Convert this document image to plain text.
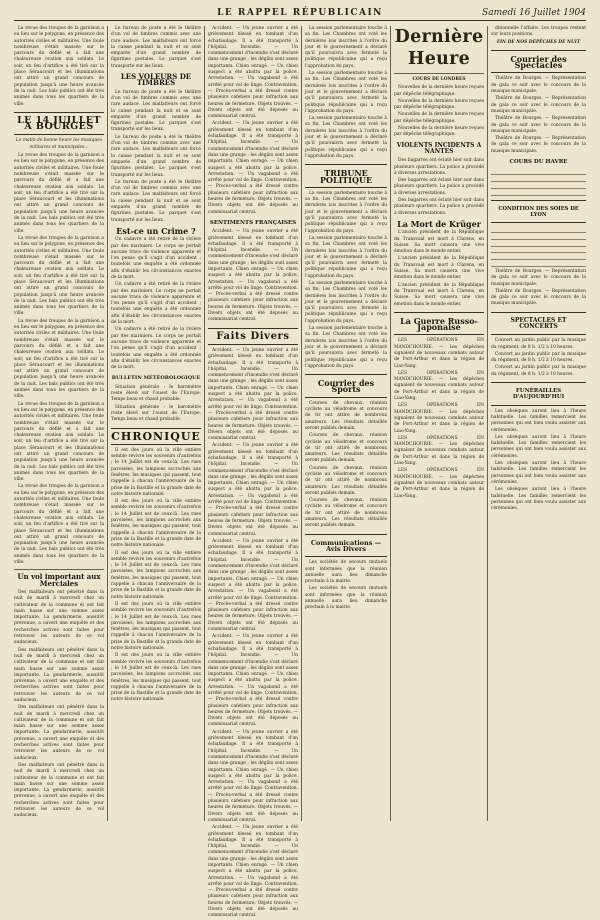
LE RAPPEL RÉPUBLICAIN	Samedi 16 Juillet 1904

La revue des troupes de la garnison a eu lieu sur le polygone, en présence des autorités civiles et militaires. Une foule nombreuse s'était massée sur le parcours du défilé et a fait une chaleureuse ovation aux soldats. Le soir, un feu d'artifice a été tiré sur la place Séraucourt et les illuminations ont attiré un grand concours de population jusqu'à une heure avancée de la nuit. Les bals publics ont été très animés dans tous les quartiers de la ville.

LE 14 JUILLET A BOURGES
Le matin de bonne heure les musiques militaires et municipales...

La revue des troupes de la garnison a eu lieu sur le polygone, en présence des autorités civiles et militaires. Une foule nombreuse s'était massée sur le parcours du défilé et a fait une chaleureuse ovation aux soldats. Le soir, un feu d'artifice a été tiré sur la place Séraucourt et les illuminations ont attiré un grand concours de population jusqu'à une heure avancée de la nuit. Les bals publics ont été très animés dans tous les quartiers de la ville.

La revue des troupes de la garnison a eu lieu sur le polygone, en présence des autorités civiles et militaires. Une foule nombreuse s'était massée sur le parcours du défilé et a fait une chaleureuse ovation aux soldats. Le soir, un feu d'artifice a été tiré sur la place Séraucourt et les illuminations ont attiré un grand concours de population jusqu'à une heure avancée de la nuit. Les bals publics ont été très animés dans tous les quartiers de la ville.

La revue des troupes de la garnison a eu lieu sur le polygone, en présence des autorités civiles et militaires. Une foule nombreuse s'était massée sur le parcours du défilé et a fait une chaleureuse ovation aux soldats. Le soir, un feu d'artifice a été tiré sur la place Séraucourt et les illuminations ont attiré un grand concours de population jusqu'à une heure avancée de la nuit. Les bals publics ont été très animés dans tous les quartiers de la ville.

La revue des troupes de la garnison a eu lieu sur le polygone, en présence des autorités civiles et militaires. Une foule nombreuse s'était massée sur le parcours du défilé et a fait une chaleureuse ovation aux soldats. Le soir, un feu d'artifice a été tiré sur la place Séraucourt et les illuminations ont attiré un grand concours de population jusqu'à une heure avancée de la nuit. Les bals publics ont été très animés dans tous les quartiers de la ville.

La revue des troupes de la garnison a eu lieu sur le polygone, en présence des autorités civiles et militaires. Une foule nombreuse s'était massée sur le parcours du défilé et a fait une chaleureuse ovation aux soldats. Le soir, un feu d'artifice a été tiré sur la place Séraucourt et les illuminations ont attiré un grand concours de population jusqu'à une heure avancée de la nuit. Les bals publics ont été très animés dans tous les quartiers de la ville.

Un vol important aux Merciales

Des malfaiteurs ont pénétré dans la nuit de mardi à mercredi chez un cultivateur de la commune et ont fait main basse sur une somme assez importante. La gendarmerie, aussitôt prévenue, a ouvert une enquête et des recherches actives sont faites pour retrouver les auteurs de ce vol audacieux.

Des malfaiteurs ont pénétré dans la nuit de mardi à mercredi chez un cultivateur de la commune et ont fait main basse sur une somme assez importante. La gendarmerie, aussitôt prévenue, a ouvert une enquête et des recherches actives sont faites pour retrouver les auteurs de ce vol audacieux.

Des malfaiteurs ont pénétré dans la nuit de mardi à mercredi chez un cultivateur de la commune et ont fait main basse sur une somme assez importante. La gendarmerie, aussitôt prévenue, a ouvert une enquête et des recherches actives sont faites pour retrouver les auteurs de ce vol audacieux.

Des malfaiteurs ont pénétré dans la nuit de mardi à mercredi chez un cultivateur de la commune et ont fait main basse sur une somme assez importante. La gendarmerie, aussitôt prévenue, a ouvert une enquête et des recherches actives sont faites pour retrouver les auteurs de ce vol audacieux.

Le bureau de poste a été le théâtre d'un vol de timbres commis avec une rare audace. Les malfaiteurs ont forcé la caisse pendant la nuit et se sont emparés d'un grand nombre de figurines postales. Le parquet s'est transporté sur les lieux.

LES VOLEURS DE TIMBRES

Le bureau de poste a été le théâtre d'un vol de timbres commis avec une rare audace. Les malfaiteurs ont forcé la caisse pendant la nuit et se sont emparés d'un grand nombre de figurines postales. Le parquet s'est transporté sur les lieux.

Le bureau de poste a été le théâtre d'un vol de timbres commis avec une rare audace. Les malfaiteurs ont forcé la caisse pendant la nuit et se sont emparés d'un grand nombre de figurines postales. Le parquet s'est transporté sur les lieux.

Le bureau de poste a été le théâtre d'un vol de timbres commis avec une rare audace. Les malfaiteurs ont forcé la caisse pendant la nuit et se sont emparés d'un grand nombre de figurines postales. Le parquet s'est transporté sur les lieux.

Est-ce un Crime ?

Un cadavre a été retiré de la rivière par des mariniers. Le corps ne portait aucune trace de violence apparente et l'on pense qu'il s'agit d'un accident ; toutefois une enquête a été ordonnée afin d'établir les circonstances exactes de la mort.

Un cadavre a été retiré de la rivière par des mariniers. Le corps ne portait aucune trace de violence apparente et l'on pense qu'il s'agit d'un accident ; toutefois une enquête a été ordonnée afin d'établir les circonstances exactes de la mort.

Un cadavre a été retiré de la rivière par des mariniers. Le corps ne portait aucune trace de violence apparente et l'on pense qu'il s'agit d'un accident ; toutefois une enquête a été ordonnée afin d'établir les circonstances exactes de la mort.

BULLETIN MÉTÉOROLOGIQUE

Situation générale : le baromètre reste élevé sur l'ouest de l'Europe. Temps beau et chaud probable.

Situation générale : le baromètre reste élevé sur l'ouest de l'Europe. Temps beau et chaud probable.

CHRONIQUE

Il est des jours où la ville entière semble revivre les souvenirs d'autrefois ; le 14 Juillet est de ceux-là. Les rues pavoisées, les lampions accrochés aux fenêtres, les musiques qui passent, tout rappelle à chacun l'anniversaire de la prise de la Bastille et la grande date de notre histoire nationale.

Il est des jours où la ville entière semble revivre les souvenirs d'autrefois ; le 14 Juillet est de ceux-là. Les rues pavoisées, les lampions accrochés aux fenêtres, les musiques qui passent, tout rappelle à chacun l'anniversaire de la prise de la Bastille et la grande date de notre histoire nationale.

Il est des jours où la ville entière semble revivre les souvenirs d'autrefois ; le 14 Juillet est de ceux-là. Les rues pavoisées, les lampions accrochés aux fenêtres, les musiques qui passent, tout rappelle à chacun l'anniversaire de la prise de la Bastille et la grande date de notre histoire nationale.

Il est des jours où la ville entière semble revivre les souvenirs d'autrefois ; le 14 Juillet est de ceux-là. Les rues pavoisées, les lampions accrochés aux fenêtres, les musiques qui passent, tout rappelle à chacun l'anniversaire de la prise de la Bastille et la grande date de notre histoire nationale.

Il est des jours où la ville entière semble revivre les souvenirs d'autrefois ; le 14 Juillet est de ceux-là. Les rues pavoisées, les lampions accrochés aux fenêtres, les musiques qui passent, tout rappelle à chacun l'anniversaire de la prise de la Bastille et la grande date de notre histoire nationale.

Accident. — Un jeune ouvrier a été grièvement blessé en tombant d'un échafaudage. Il a été transporté à l'hôpital. Incendie. — Un commencement d'incendie s'est déclaré dans une grange ; les dégâts sont assez importants. Chien enragé. — Un chien suspect a été abattu par la police. Arrestation. — Un vagabond a été arrêté pour vol de linge. Contravention. — Procès-verbal a été dressé contre plusieurs cafetiers pour infraction aux heures de fermeture. Objets trouvés. — Divers objets ont été déposés au commissariat central.

Accident. — Un jeune ouvrier a été grièvement blessé en tombant d'un échafaudage. Il a été transporté à l'hôpital. Incendie. — Un commencement d'incendie s'est déclaré dans une grange ; les dégâts sont assez importants. Chien enragé. — Un chien suspect a été abattu par la police. Arrestation. — Un vagabond a été arrêté pour vol de linge. Contravention. — Procès-verbal a été dressé contre plusieurs cafetiers pour infraction aux heures de fermeture. Objets trouvés. — Divers objets ont été déposés au commissariat central.

SENTIMENTS FRANÇAISES

Accident. — Un jeune ouvrier a été grièvement blessé en tombant d'un échafaudage. Il a été transporté à l'hôpital. Incendie. — Un commencement d'incendie s'est déclaré dans une grange ; les dégâts sont assez importants. Chien enragé. — Un chien suspect a été abattu par la police. Arrestation. — Un vagabond a été arrêté pour vol de linge. Contravention. — Procès-verbal a été dressé contre plusieurs cafetiers pour infraction aux heures de fermeture. Objets trouvés. — Divers objets ont été déposés au commissariat central.

Faits Divers

Accident. — Un jeune ouvrier a été grièvement blessé en tombant d'un échafaudage. Il a été transporté à l'hôpital. Incendie. — Un commencement d'incendie s'est déclaré dans une grange ; les dégâts sont assez importants. Chien enragé. — Un chien suspect a été abattu par la police. Arrestation. — Un vagabond a été arrêté pour vol de linge. Contravention. — Procès-verbal a été dressé contre plusieurs cafetiers pour infraction aux heures de fermeture. Objets trouvés. — Divers objets ont été déposés au commissariat central.

Accident. — Un jeune ouvrier a été grièvement blessé en tombant d'un échafaudage. Il a été transporté à l'hôpital. Incendie. — Un commencement d'incendie s'est déclaré dans une grange ; les dégâts sont assez importants. Chien enragé. — Un chien suspect a été abattu par la police. Arrestation. — Un vagabond a été arrêté pour vol de linge. Contravention. — Procès-verbal a été dressé contre plusieurs cafetiers pour infraction aux heures de fermeture. Objets trouvés. — Divers objets ont été déposés au commissariat central.

Accident. — Un jeune ouvrier a été grièvement blessé en tombant d'un échafaudage. Il a été transporté à l'hôpital. Incendie. — Un commencement d'incendie s'est déclaré dans une grange ; les dégâts sont assez importants. Chien enragé. — Un chien suspect a été abattu par la police. Arrestation. — Un vagabond a été arrêté pour vol de linge. Contravention. — Procès-verbal a été dressé contre plusieurs cafetiers pour infraction aux heures de fermeture. Objets trouvés. — Divers objets ont été déposés au commissariat central.

Accident. — Un jeune ouvrier a été grièvement blessé en tombant d'un échafaudage. Il a été transporté à l'hôpital. Incendie. — Un commencement d'incendie s'est déclaré dans une grange ; les dégâts sont assez importants. Chien enragé. — Un chien suspect a été abattu par la police. Arrestation. — Un vagabond a été arrêté pour vol de linge. Contravention. — Procès-verbal a été dressé contre plusieurs cafetiers pour infraction aux heures de fermeture. Objets trouvés. — Divers objets ont été déposés au commissariat central.

Accident. — Un jeune ouvrier a été grièvement blessé en tombant d'un échafaudage. Il a été transporté à l'hôpital. Incendie. — Un commencement d'incendie s'est déclaré dans une grange ; les dégâts sont assez importants. Chien enragé. — Un chien suspect a été abattu par la police. Arrestation. — Un vagabond a été arrêté pour vol de linge. Contravention. — Procès-verbal a été dressé contre plusieurs cafetiers pour infraction aux heures de fermeture. Objets trouvés. — Divers objets ont été déposés au commissariat central.

Accident. — Un jeune ouvrier a été grièvement blessé en tombant d'un échafaudage. Il a été transporté à l'hôpital. Incendie. — Un commencement d'incendie s'est déclaré dans une grange ; les dégâts sont assez importants. Chien enragé. — Un chien suspect a été abattu par la police. Arrestation. — Un vagabond a été arrêté pour vol de linge. Contravention. — Procès-verbal a été dressé contre plusieurs cafetiers pour infraction aux heures de fermeture. Objets trouvés. — Divers objets ont été déposés au commissariat central.

La session parlementaire touche à sa fin. Les Chambres ont voté les dernières lois inscrites à l'ordre du jour et le gouvernement a déclaré qu'il poursuivra avec fermeté la politique républicaine qui a reçu l'approbation du pays.

La session parlementaire touche à sa fin. Les Chambres ont voté les dernières lois inscrites à l'ordre du jour et le gouvernement a déclaré qu'il poursuivra avec fermeté la politique républicaine qui a reçu l'approbation du pays.

La session parlementaire touche à sa fin. Les Chambres ont voté les dernières lois inscrites à l'ordre du jour et le gouvernement a déclaré qu'il poursuivra avec fermeté la politique républicaine qui a reçu l'approbation du pays.

TRIBUNE POLITIQUE

La session parlementaire touche à sa fin. Les Chambres ont voté les dernières lois inscrites à l'ordre du jour et le gouvernement a déclaré qu'il poursuivra avec fermeté la politique républicaine qui a reçu l'approbation du pays.

La session parlementaire touche à sa fin. Les Chambres ont voté les dernières lois inscrites à l'ordre du jour et le gouvernement a déclaré qu'il poursuivra avec fermeté la politique républicaine qui a reçu l'approbation du pays.

La session parlementaire touche à sa fin. Les Chambres ont voté les dernières lois inscrites à l'ordre du jour et le gouvernement a déclaré qu'il poursuivra avec fermeté la politique républicaine qui a reçu l'approbation du pays.

La session parlementaire touche à sa fin. Les Chambres ont voté les dernières lois inscrites à l'ordre du jour et le gouvernement a déclaré qu'il poursuivra avec fermeté la politique républicaine qui a reçu l'approbation du pays.

Courrier des Sports

Courses de chevaux, réunion cycliste au vélodrome et concours de tir ont attiré de nombreux amateurs. Les résultats détaillés seront publiés demain.

Courses de chevaux, réunion cycliste au vélodrome et concours de tir ont attiré de nombreux amateurs. Les résultats détaillés seront publiés demain.

Courses de chevaux, réunion cycliste au vélodrome et concours de tir ont attiré de nombreux amateurs. Les résultats détaillés seront publiés demain.

Courses de chevaux, réunion cycliste au vélodrome et concours de tir ont attiré de nombreux amateurs. Les résultats détaillés seront publiés demain.

Communications — Avis Divers

Les sociétés de secours mutuels sont informées que la réunion annuelle aura lieu dimanche prochain à la mairie.

Les sociétés de secours mutuels sont informées que la réunion annuelle aura lieu dimanche prochain à la mairie.

Dernière Heure
COURS DE LONDRES

Nouvelles de la dernière heure reçues par dépêche télégraphique.

Nouvelles de la dernière heure reçues par dépêche télégraphique.

Nouvelles de la dernière heure reçues par dépêche télégraphique.

Nouvelles de la dernière heure reçues par dépêche télégraphique.

VIOLENTS INCIDENTS A NANTES

Des bagarres ont éclaté hier soir dans plusieurs quartiers. La police a procédé à diverses arrestations.

Des bagarres ont éclaté hier soir dans plusieurs quartiers. La police a procédé à diverses arrestations.

Des bagarres ont éclaté hier soir dans plusieurs quartiers. La police a procédé à diverses arrestations.

La Mort de Krüger

L'ancien président de la République du Transvaal est mort à Clarens, en Suisse. Sa mort causera une vive émotion dans le monde entier.

L'ancien président de la République du Transvaal est mort à Clarens, en Suisse. Sa mort causera une vive émotion dans le monde entier.

L'ancien président de la République du Transvaal est mort à Clarens, en Suisse. Sa mort causera une vive émotion dans le monde entier.

La Guerre Russo-Japonaise

LES OPÉRATIONS EN MANDCHOURIE. — Les dépêches signalent de nouveaux combats autour de Port-Arthur et dans la région de Liao-Yang.

LES OPÉRATIONS EN MANDCHOURIE. — Les dépêches signalent de nouveaux combats autour de Port-Arthur et dans la région de Liao-Yang.

LES OPÉRATIONS EN MANDCHOURIE. — Les dépêches signalent de nouveaux combats autour de Port-Arthur et dans la région de Liao-Yang.

LES OPÉRATIONS EN MANDCHOURIE. — Les dépêches signalent de nouveaux combats autour de Port-Arthur et dans la région de Liao-Yang.

LES OPÉRATIONS EN MANDCHOURIE. — Les dépêches signalent de nouveaux combats autour de Port-Arthur et dans la région de Liao-Yang.

ditionnelle l'affaire. Les troupes restent sur leurs positions.

FIN DE NOS DÉPÊCHES DE NUIT
Courrier des Spectacles

Théâtre de Bourges. — Représentation de gala ce soir avec le concours de la musique municipale.

Théâtre de Bourges. — Représentation de gala ce soir avec le concours de la musique municipale.

Théâtre de Bourges. — Représentation de gala ce soir avec le concours de la musique municipale.

Théâtre de Bourges. — Représentation de gala ce soir avec le concours de la musique municipale.

COURS DU HAVRE

CONDITION DES SOIES DE LYON

Théâtre de Bourges. — Représentation de gala ce soir avec le concours de la musique municipale.

Théâtre de Bourges. — Représentation de gala ce soir avec le concours de la musique municipale.

SPECTACLES ET CONCERTS

Concert au jardin public par la musique du régiment, de 8 h. 1/2 à 10 heures.

Concert au jardin public par la musique du régiment, de 8 h. 1/2 à 10 heures.

Concert au jardin public par la musique du régiment, de 8 h. 1/2 à 10 heures.

FUNÉRAILLES D'AUJOURD'HUI

Les obsèques auront lieu à l'heure habituelle. Les familles remercient les personnes qui ont bien voulu assister aux cérémonies.

Les obsèques auront lieu à l'heure habituelle. Les familles remercient les personnes qui ont bien voulu assister aux cérémonies.

Les obsèques auront lieu à l'heure habituelle. Les familles remercient les personnes qui ont bien voulu assister aux cérémonies.

Les obsèques auront lieu à l'heure habituelle. Les familles remercient les personnes qui ont bien voulu assister aux cérémonies.
